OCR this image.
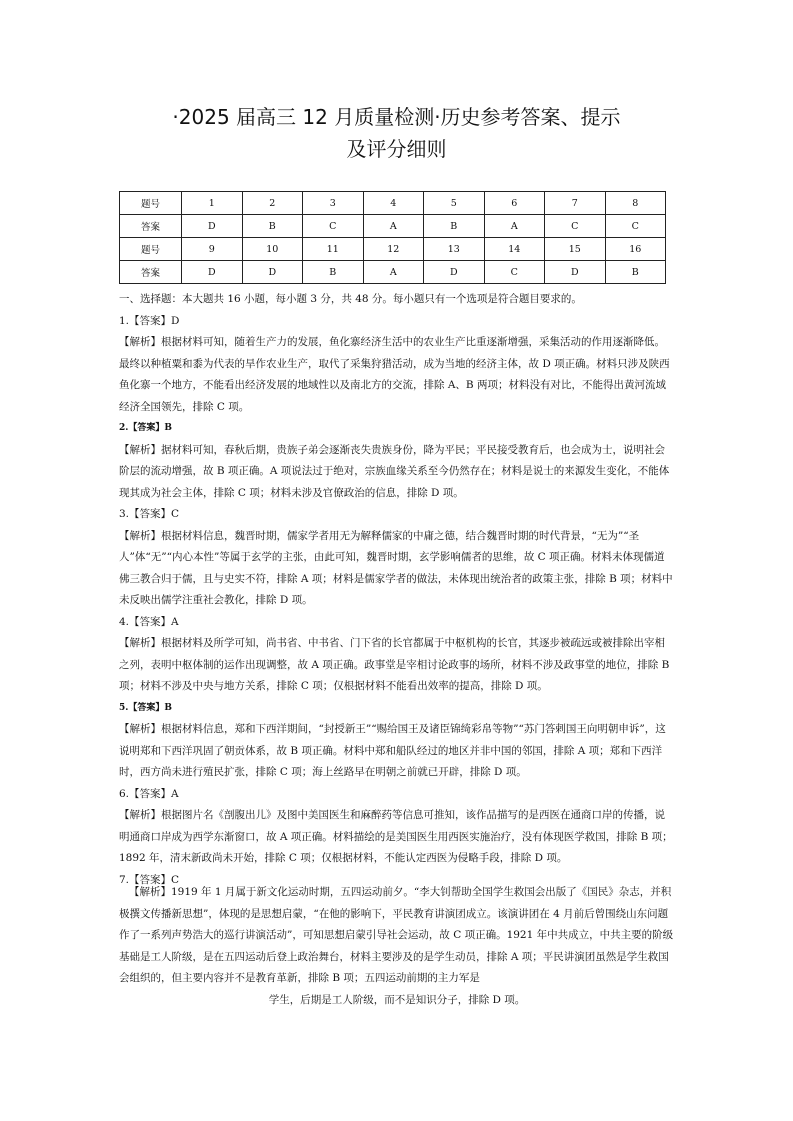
·2025 届高三 12 月质量检测·历史参考答案、提示
及评分细则
题号	1	2	3	4	5	6	7	8
答案	D	B	C	A	B	A	C	C
题号	9	10	11	12	13	14	15	16
答案	D	D	B	A	D	C	D	B

一、选择题：本大题共 16 小题，每小题 3 分，共 48 分。每小题只有一个选项是符合题目要求的。

1.【答案】D

【解析】根据材料可知，随着生产力的发展，鱼化寨经济生活中的农业生产比重逐渐增强，采集活动的作用逐渐降低。最终以种植粟和黍为代表的旱作农业生产，取代了采集狩猎活动，成为当地的经济主体，故 D 项正确。材料只涉及陕西鱼化寨一个地方，不能看出经济发展的地域性以及南北方的交流，排除 A、B 两项；材料没有对比，不能得出黄河流域经济全国领先，排除 C 项。

2.【答案】B

【解析】据材料可知，春秋后期，贵族子弟会逐渐丧失贵族身份，降为平民；平民接受教育后，也会成为士，说明社会阶层的流动增强，故 B 项正确。A 项说法过于绝对，宗族血缘关系至今仍然存在；材料是说士的来源发生变化，不能体现其成为社会主体，排除 C 项；材料未涉及官僚政治的信息，排除 D 项。

3.【答案】C

【解析】根据材料信息，魏晋时期，儒家学者用无为解释儒家的中庸之德，结合魏晋时期的时代背景，“无为”“圣人”体“无”“内心本性”等属于玄学的主张，由此可知，魏晋时期，玄学影响儒者的思维，故 C 项正确。材料未体现儒道佛三教合归于儒，且与史实不符，排除 A 项；材料是儒家学者的做法，未体现出统治者的政策主张，排除 B 项；材料中未反映出儒学注重社会教化，排除 D 项。

4.【答案】A

【解析】根据材料及所学可知，尚书省、中书省、门下省的长官都属于中枢机构的长官，其逐步被疏远或被排除出宰相之列，表明中枢体制的运作出现调整，故 A 项正确。政事堂是宰相讨论政事的场所，材料不涉及政事堂的地位，排除 B 项；材料不涉及中央与地方关系，排除 C 项；仅根据材料不能看出效率的提高，排除 D 项。

5.【答案】B

【解析】根据材料信息，郑和下西洋期间，“封授新王”“赐给国王及诸臣锦绮彩帛等物”“苏门答剌国王向明朝申诉”，这说明郑和下西洋巩固了朝贡体系，故 B 项正确。材料中郑和船队经过的地区并非中国的邻国，排除 A 项；郑和下西洋时，西方尚未进行殖民扩张，排除 C 项；海上丝路早在明朝之前就已开辟，排除 D 项。

6.【答案】A

【解析】根据图片名《剖腹出儿》及图中美国医生和麻醉药等信息可推知，该作品描写的是西医在通商口岸的传播，说明通商口岸成为西学东渐窗口，故 A 项正确。材料描绘的是美国医生用西医实施治疗，没有体现医学救国，排除 B 项；1892 年，清末新政尚未开始，排除 C 项；仅根据材料，不能认定西医为侵略手段，排除 D 项。

7.【答案】C

【解析】1919 年 1 月属于新文化运动时期，五四运动前夕。“李大钊帮助全国学生救国会出版了《国民》杂志，并积极撰文传播新思想”，体现的是思想启蒙，“在他的影响下，平民教育讲演团成立。该演讲团在 4 月前后曾围绕山东问题作了一系列声势浩大的巡行讲演活动”，可知思想启蒙引导社会运动，故 C 项正确。1921 年中共成立，中共主要的阶级基础是工人阶级，是在五四运动后登上政治舞台，材料主要涉及的是学生动员，排除 A 项；平民讲演团虽然是学生救国会组织的，但主要内容并不是教育革新，排除 B 项；五四运动前期的主力军是

学生，后期是工人阶级，而不是知识分子，排除 D 项。
